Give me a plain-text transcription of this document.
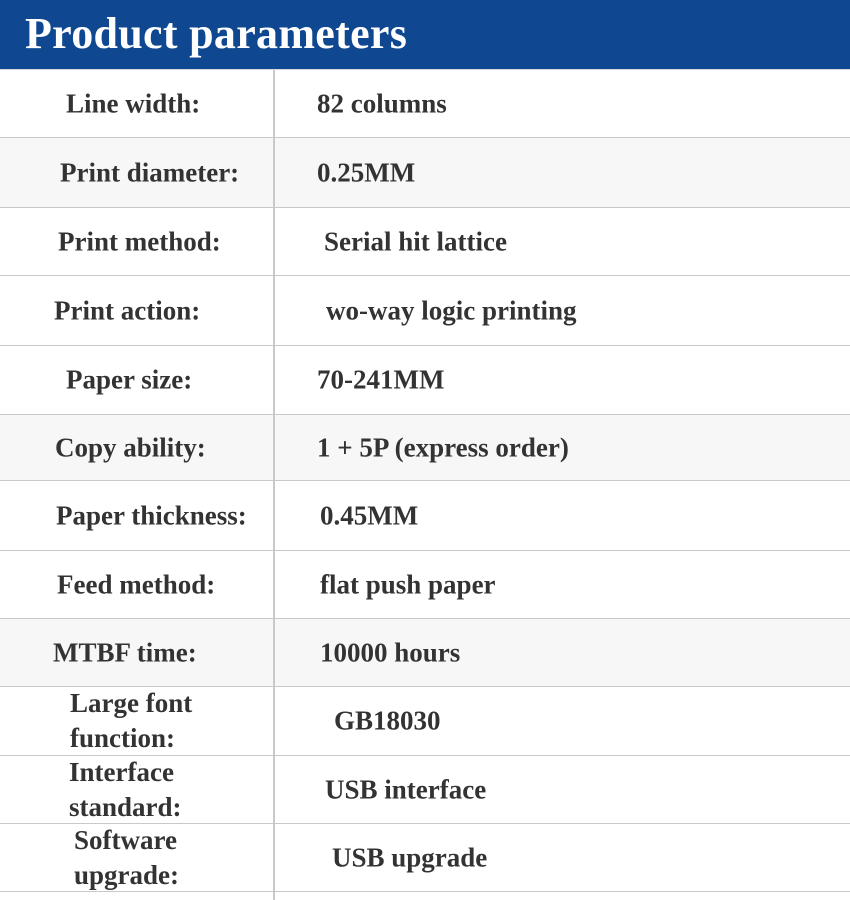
Product parameters
Line width:	82 columns
Print diameter:	0.25MM
Print method:	Serial hit lattice
Print action:	wo-way logic printing
Paper size:	70-241MM
Copy ability:	1 + 5P (express order)
Paper thickness:	0.45MM
Feed method:	flat push paper
MTBF time:	10000 hours
Large font function:
GB18030
Interface standard:
USB interface
Software upgrade:
USB upgrade
